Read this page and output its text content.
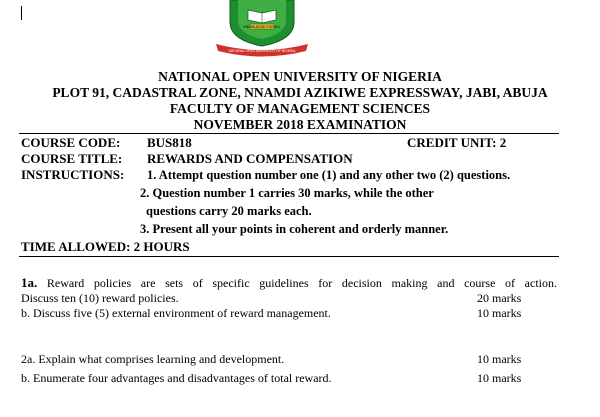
KNOWLEDGE FOR ALL
NATIONAL OPEN UNIVERSITY OF NIGERIA
NATIONAL OPEN UNIVERSITY OF NIGERIA
PLOT 91, CADASTRAL ZONE, NNAMDI AZIKIWE EXPRESSWAY, JABI, ABUJA
FACULTY OF MANAGEMENT SCIENCES
NOVEMBER 2018 EXAMINATION
COURSE CODE: BUS818	CREDIT UNIT: 2
COURSE TITLE: REWARDS AND COMPENSATION
INSTRUCTIONS: 1. Attempt question number one (1) and any other two (2) questions.
2. Question number 1 carries 30 marks, while the other
questions carry 20 marks each.
3. Present all your points in coherent and orderly manner.
TIME ALLOWED: 2 HOURS
1a. Reward policies are sets of specific guidelines for decision making and course of action.
Discuss ten (10) reward policies.	20 marks
b. Discuss five (5) external environment of reward management.	10 marks
2a. Explain what comprises learning and development.	10 marks
b. Enumerate four advantages and disadvantages of total reward.	10 marks
